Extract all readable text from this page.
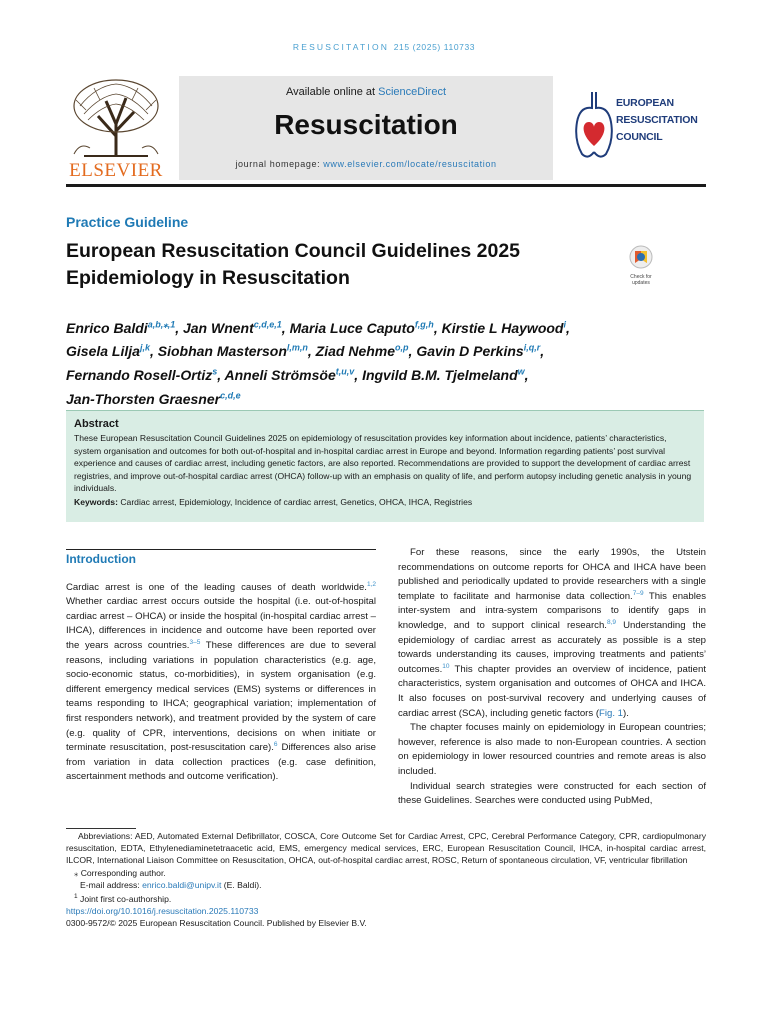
RESUSCITATION 215 (2025) 110733
ELSEVIER
Available online at ScienceDirect
Resuscitation
journal homepage: www.elsevier.com/locate/resuscitation
EUROPEAN
RESUSCITATION
COUNCIL
Practice Guideline
European Resuscitation Council Guidelines 2025
Epidemiology in Resuscitation	Check for
updates
Enrico Baldi$^{a,b,⁎,1}$, Jan Wnent$^{c,d,e,1}$, Maria Luce Caputo$^{f,g,h}$, Kirstie L Haywood$^i$,
Gisela Lilja$^{j,k}$, Siobhan Masterson$^{l,m,n}$, Ziad Nehme$^{o,p}$, Gavin D Perkins$^{i,q,r}$,
Fernando Rosell-Ortiz$^s$, Anneli Strömsöe$^{t,u,v}$, Ingvild B.M. Tjelmeland$^w$,
Jan-Thorsten Graesner$^{c,d,e}$
Abstract
These European Resuscitation Council Guidelines 2025 on epidemiology of resuscitation provides key information about incidence, patients’ characteristics, system organisation and outcomes for both out-of-hospital and in-hospital cardiac arrest in Europe and beyond. Information regarding patients’ post survival experience and causes of cardiac arrest, including genetic factors, are also reported. Recommendations are provided to support the development of cardiac arrest registries, and improve out-of-hospital cardiac arrest (OHCA) follow-up with an emphasis on quality of life, and perform autopsy including genetic analysis in young individuals.
Keywords: Cardiac arrest, Epidemiology, Incidence of cardiac arrest, Genetics, OHCA, IHCA, Registries
Introduction

Cardiac arrest is one of the leading causes of death worldwide.$^{1,2}$ Whether cardiac arrest occurs outside the hospital (i.e. out-of-hospital cardiac arrest – OHCA) or inside the hospital (in-hospital cardiac arrest – IHCA), differences in incidence and outcome have been reported over the years across countries.$^{3-5}$ These differences are due to several reasons, including variations in population characteristics (e.g. age, socio-economic status, co-morbidities), in system organisation (e.g. different emergency medical services (EMS) systems or differences in teams responding to IHCA; geographical variation; implementation of first responders network), and treatment provided by the system of care (e.g. quality of CPR, interventions, decisions on when initiate or terminate resuscitation, post-resuscitation care).$^6$ Differences also arise from variation in data collection practices (e.g. case definition, ascertainment methods and outcome verification).

For these reasons, since the early 1990s, the Utstein recommendations on outcome reports for OHCA and IHCA have been published and periodically updated to provide researchers with a single template to facilitate and harmonise data collection.$^{7-9}$ This enables inter-system and intra-system comparisons to identify gaps in knowledge, and to support clinical research.$^{8,9}$ Understanding the epidemiology of cardiac arrest as accurately as possible is a step towards understanding its causes, improving treatments and patients’ outcomes.$^{10}$ This chapter provides an overview of incidence, patient characteristics, system organisation and outcomes of OHCA and IHCA. It also focuses on post-survival recovery and underlying causes of cardiac arrest (SCA), including genetic factors (Fig. 1).

The chapter focuses mainly on epidemiology in European countries; however, reference is also made to non-European countries. A section on epidemiology in lower resourced countries and remote areas is also included.

Individual search strategies were constructed for each section of these Guidelines. Searches were conducted using PubMed,

Abbreviations: AED, Automated External Defibrillator, COSCA, Core Outcome Set for Cardiac Arrest, CPC, Cerebral Performance Category, CPR, cardiopulmonary resuscitation, EDTA, Ethylenediaminetetraacetic acid, EMS, emergency medical services, ERC, European Resuscitation Council, IHCA, in-hospital cardiac arrest, ILCOR, International Liaison Committee on Resuscitation, OHCA, out-of-hospital cardiac arrest, ROSC, Return of spontaneous circulation, VF, ventricular fibrillation

⁎ Corresponding author.

E-mail address: enrico.baldi@unipv.it (E. Baldi).

$^1$ Joint first co-authorship.

https://doi.org/10.1016/j.resuscitation.2025.110733

0300-9572/© 2025 European Resuscitation Council. Published by Elsevier B.V.
